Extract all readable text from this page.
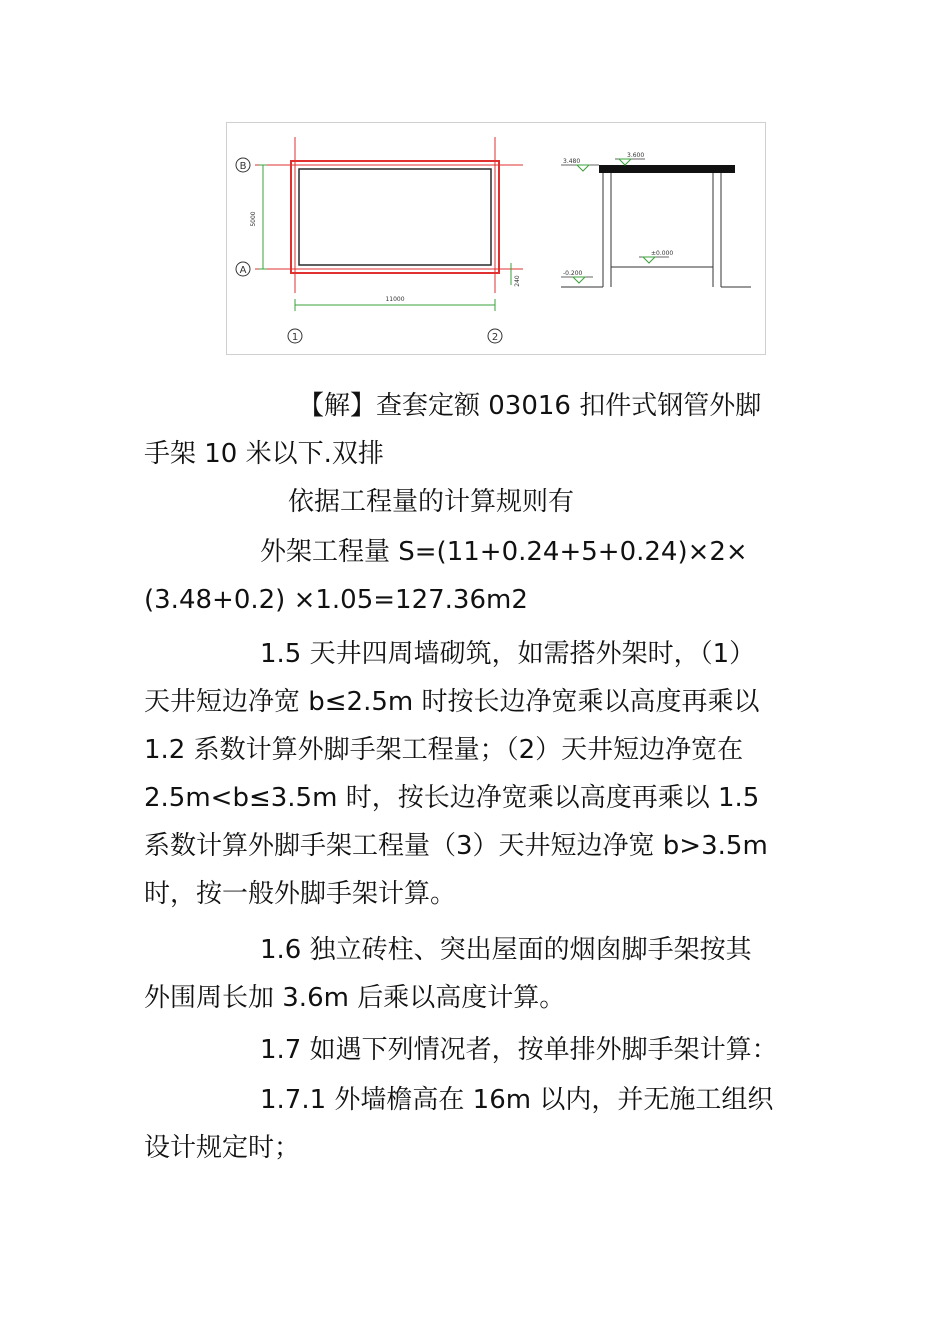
5000
11000
240
B
A
1	2
3.480
3.600
±0.000
-0.200
【解】查套定额 03016 扣件式钢管外脚
手架 10 米以下.双排
依据工程量的计算规则有
外架工程量 S=(11+0.24+5+0.24)×2×
(3.48+0.2) ×1.05=127.36m2
1.5 天井四周墙砌筑，如需搭外架时，（1）
天井短边净宽 b≤2.5m 时按长边净宽乘以高度再乘以
1.2 系数计算外脚手架工程量；（2）天井短边净宽在
2.5m<b≤3.5m 时，按长边净宽乘以高度再乘以 1.5
系数计算外脚手架工程量（3）天井短边净宽 b>3.5m
时，按一般外脚手架计算。
1.6 独立砖柱、突出屋面的烟囱脚手架按其
外围周长加 3.6m 后乘以高度计算。
1.7 如遇下列情况者，按单排外脚手架计算：
1.7.1 外墙檐高在 16m 以内，并无施工组织
设计规定时；
